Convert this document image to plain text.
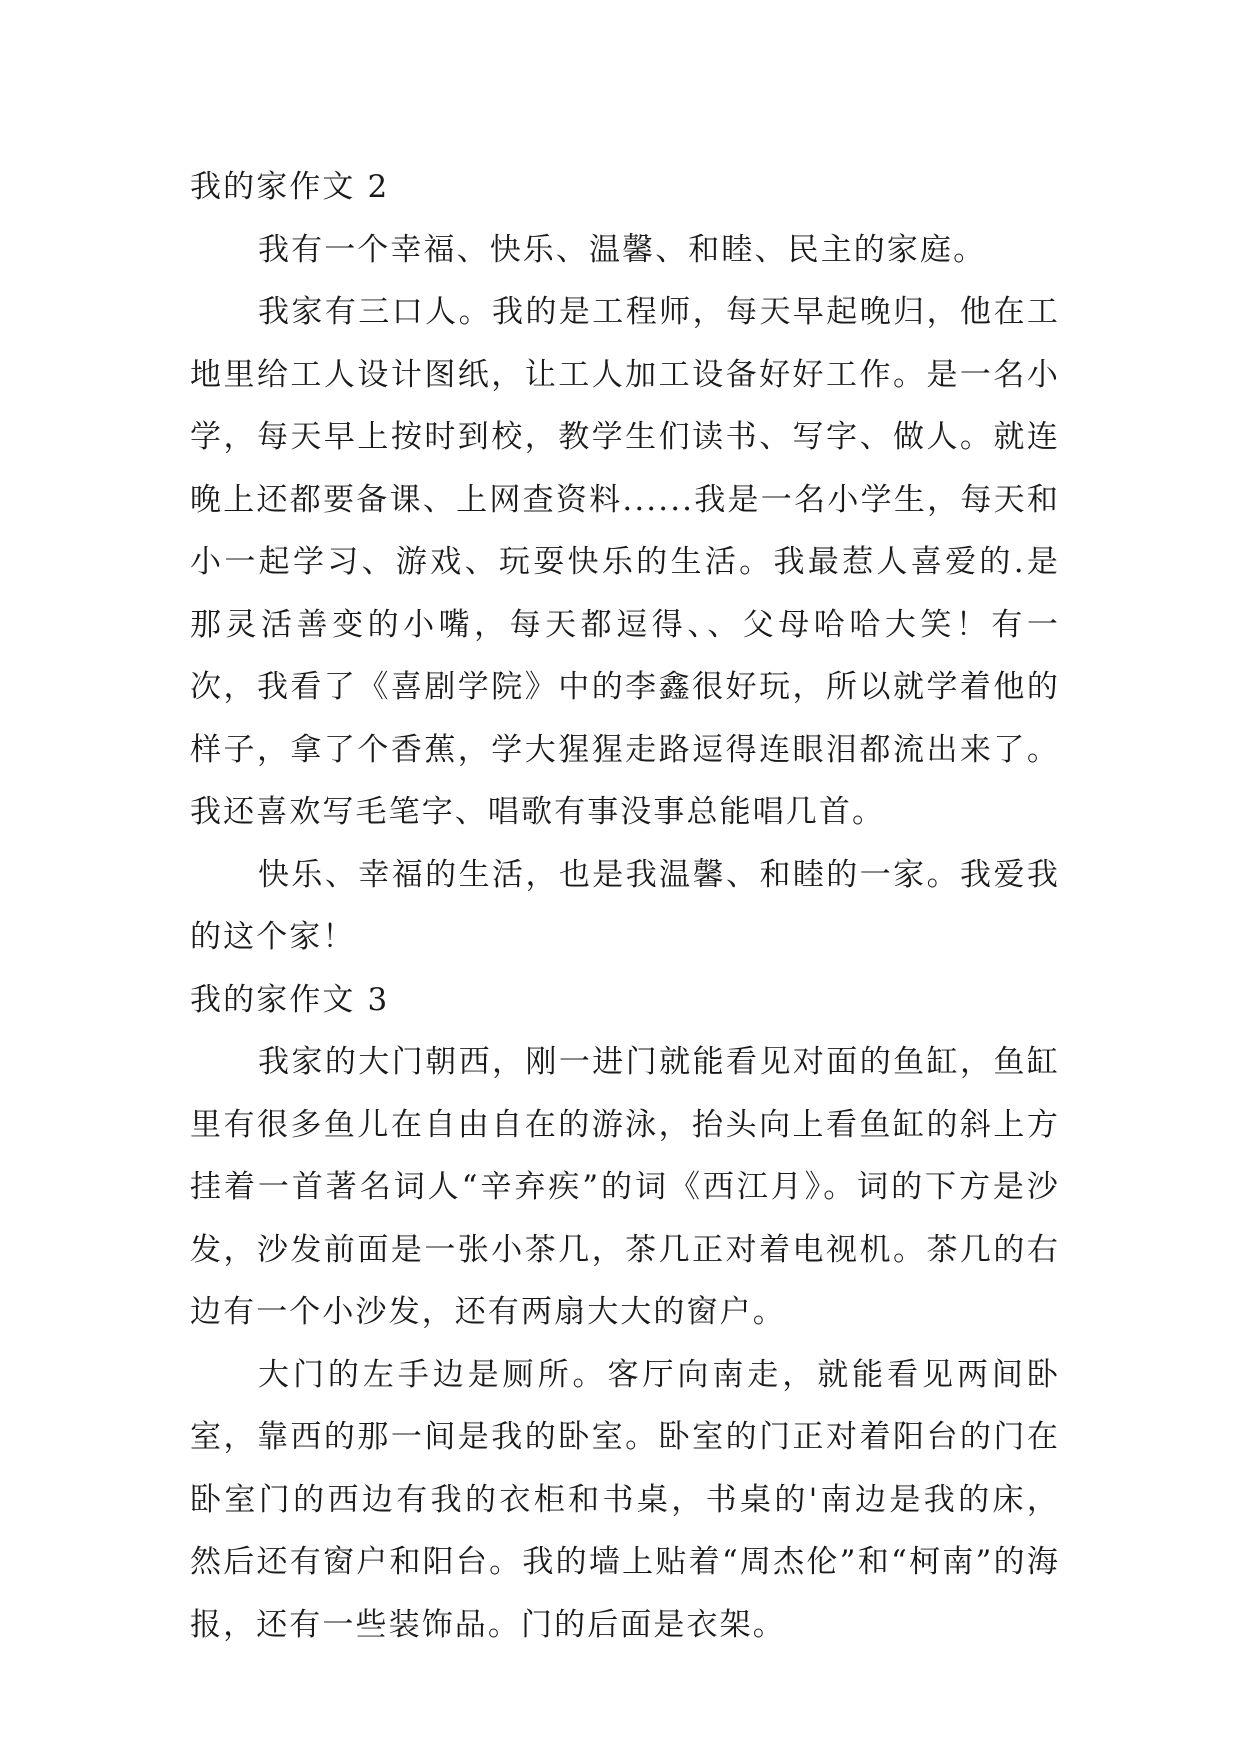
我的家作文 2

我有一个幸福、快乐、温馨、和睦、民主的家庭。

我家有三口人。我的是工程师，每天早起晚归，他在工地里给工人设计图纸，让工人加工设备好好工作。是一名小学，每天早上按时到校，教学生们读书、写字、做人。就连晚上还都要备课、上网查资料......我是一名小学生，每天和小一起学习、游戏、玩耍快乐的生活。我最惹人喜爱的.是那灵活善变的小嘴，每天都逗得、、父母哈哈大笑！有一次，我看了《喜剧学院》中的李鑫很好玩，所以就学着他的样子，拿了个香蕉，学大猩猩走路逗得连眼泪都流出来了。我还喜欢写毛笔字、唱歌有事没事总能唱几首。

快乐、幸福的生活，也是我温馨、和睦的一家。我爱我的这个家！

我的家作文 3

我家的大门朝西，刚一进门就能看见对面的鱼缸，鱼缸里有很多鱼儿在自由自在的游泳，抬头向上看鱼缸的斜上方挂着一首著名词人“辛弃疾”的词《西江月》。词的下方是沙发，沙发前面是一张小茶几，茶几正对着电视机。茶几的右边有一个小沙发，还有两扇大大的窗户。

大门的左手边是厕所。客厅向南走，就能看见两间卧室，靠西的那一间是我的卧室。卧室的门正对着阳台的门在卧室门的西边有我的衣柜和书桌，书桌的'南边是我的床，然后还有窗户和阳台。我的墙上贴着“周杰伦”和“柯南”的海报，还有一些装饰品。门的后面是衣架。
